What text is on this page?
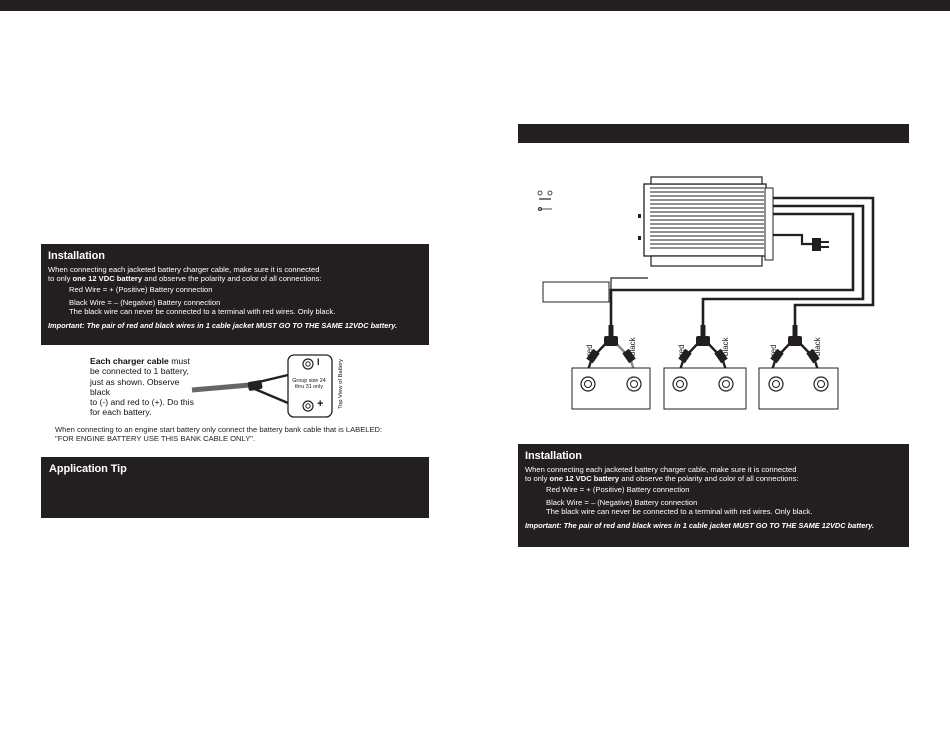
Installation
When connecting each jacketed battery charger cable, make sure it is connected
to only one 12 VDC battery and observe the polarity and color of all connections:
Red Wire = + (Positive) Battery connection
Black Wire = – (Negative) Battery connection
The black wire can never be connected to a terminal with red wires. Only black.
Important: The pair of red and black wires in 1 cable jacket MUST GO TO THE SAME 12VDC battery.
Each charger cable must
be connected to 1 battery,
just as shown. Observe black
to (-) and red to (+). Do this
for each battery.
I
+
Group size 24
thru 31 only	Top View of Battery
When connecting to an engine start battery only connect the battery bank cable that is LABELED:
"FOR ENGINE BATTERY USE THIS BANK CABLE ONLY".
Application Tip
red	black	red	black	red	black
Installation
When connecting each jacketed battery charger cable, make sure it is connected
to only one 12 VDC battery and observe the polarity and color of all connections:
Red Wire = + (Positive) Battery connection
Black Wire = – (Negative) Battery connection
The black wire can never be connected to a terminal with red wires. Only black.
Important: The pair of red and black wires in 1 cable jacket MUST GO TO THE SAME 12VDC battery.
